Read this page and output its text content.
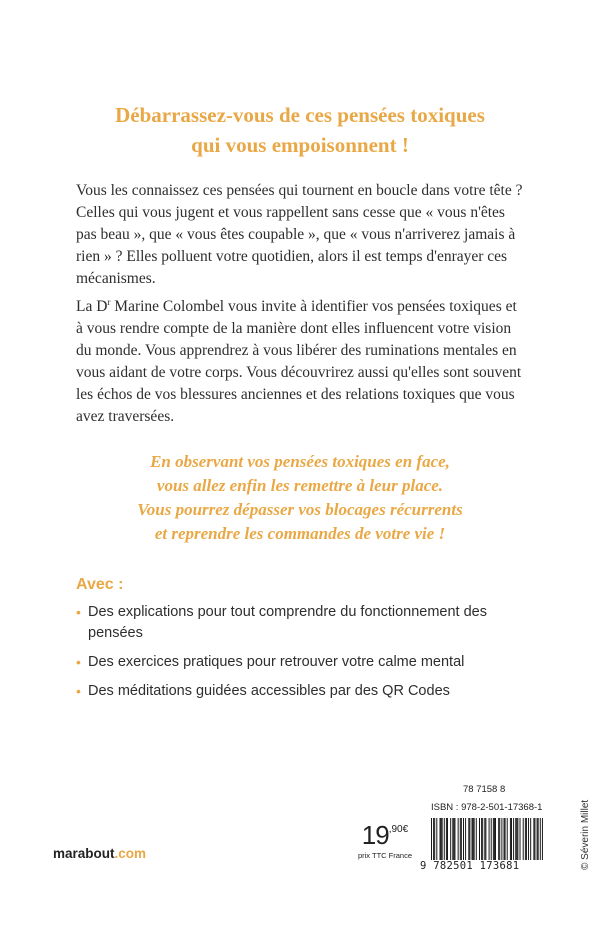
Débarrassez-vous de ces pensées toxiques
qui vous empoisonnent !

Vous les connaissez ces pensées qui tournent en boucle dans votre tête ? Celles qui vous jugent et vous rappellent sans cesse que « vous n'êtes pas beau », que « vous êtes coupable », que « vous n'arriverez jamais à rien » ? Elles polluent votre quotidien, alors il est temps d'enrayer ces mécanismes.

La $D^r$ Marine Colombel vous invite à identifier vos pensées toxiques et à vous rendre compte de la manière dont elles influencent votre vision du monde. Vous apprendrez à vous libérer des ruminations mentales en vous aidant de votre corps. Vous découvrirez aussi qu'elles sont souvent les échos de vos blessures anciennes et des relations toxiques que vous avez traversées.

En observant vos pensées toxiques en face,
vous allez enfin les remettre à leur place.
Vous pourrez dépasser vos blocages récurrents
et reprendre les commandes de votre vie !
Avec :
• Des explications pour tout comprendre du fonctionnement des pensées
• Des exercices pratiques pour retrouver votre calme mental
• Des méditations guidées accessibles par des QR Codes
© Séverin Millet
marabout.com
$19^{,90€}$
prix TTC France
78 7158 8
ISBN : 978-2-501-17368-1
9 782501 173681
